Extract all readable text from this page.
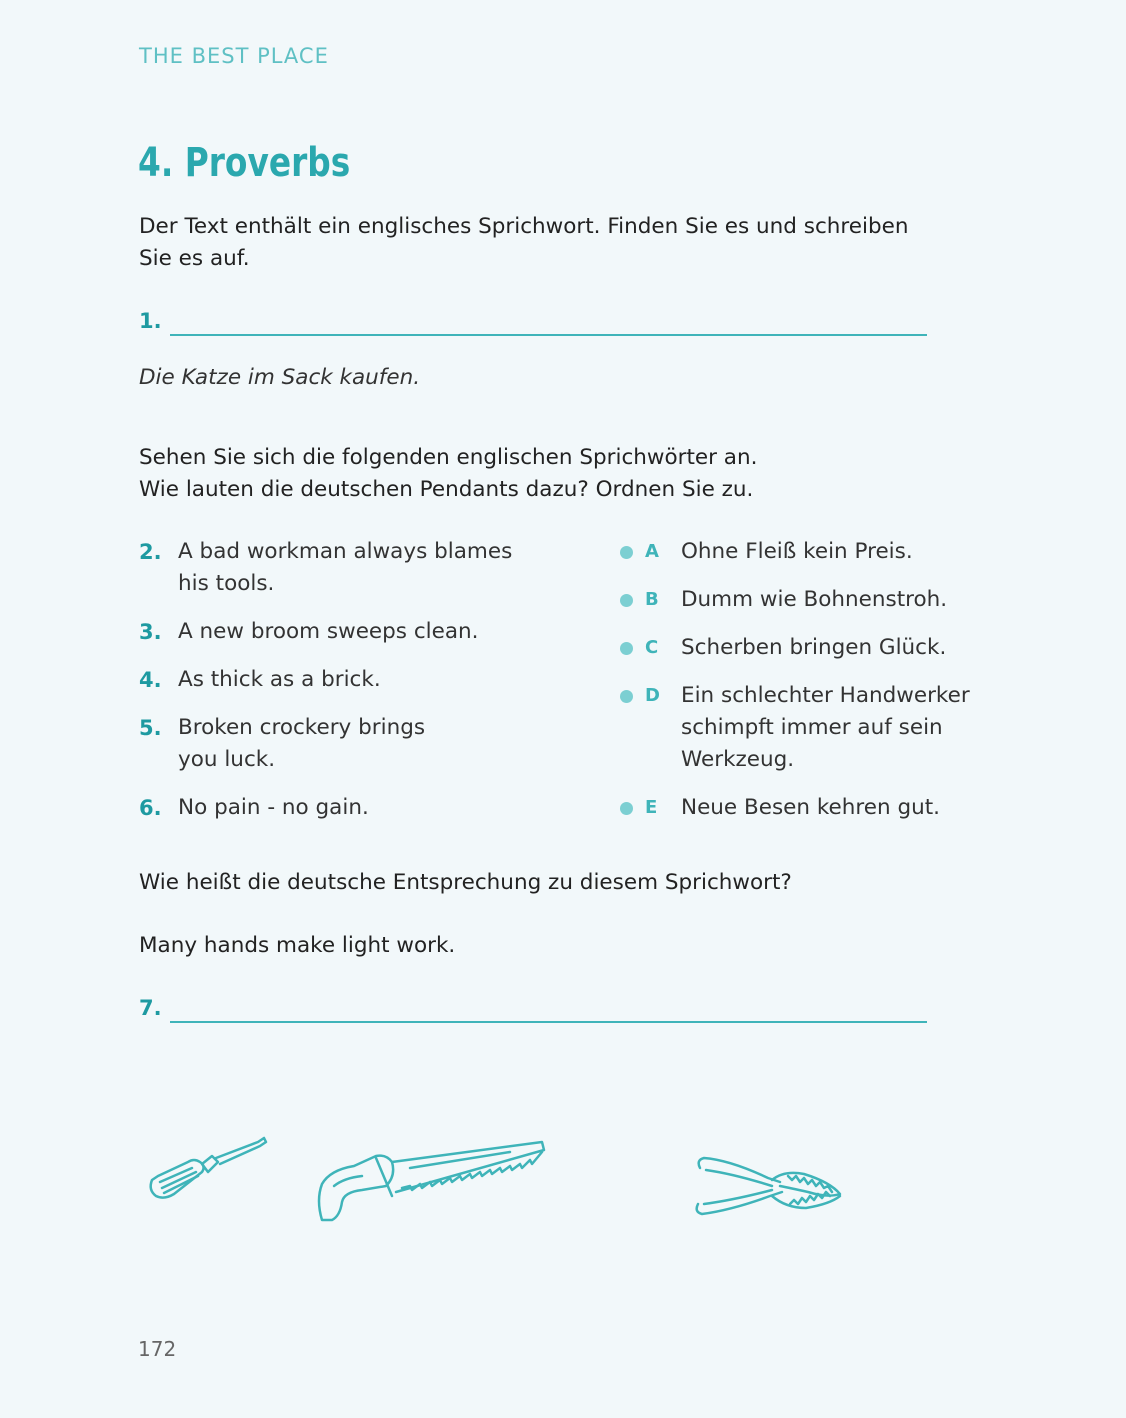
THE BEST PLACE
4. Proverbs
Der Text enthält ein englisches Sprichwort. Finden Sie es und schreiben
Sie es auf.
1.
Die Katze im Sack kaufen.
Sehen Sie sich die folgenden englischen Sprichwörter an.
Wie lauten die deutschen Pendants dazu? Ordnen Sie zu.
2. A bad workman always blames
his tools.
3. A new broom sweeps clean.
4. As thick as a brick.
5. Broken crockery brings
you luck.
6. No pain - no gain.
A Ohne Fleiß kein Preis.
B Dumm wie Bohnenstroh.
C Scherben bringen Glück.
D Ein schlechter Handwerker
schimpft immer auf sein
Werkzeug.
E Neue Besen kehren gut.
Wie heißt die deutsche Entsprechung zu diesem Sprichwort?
Many hands make light work.
7.
172
